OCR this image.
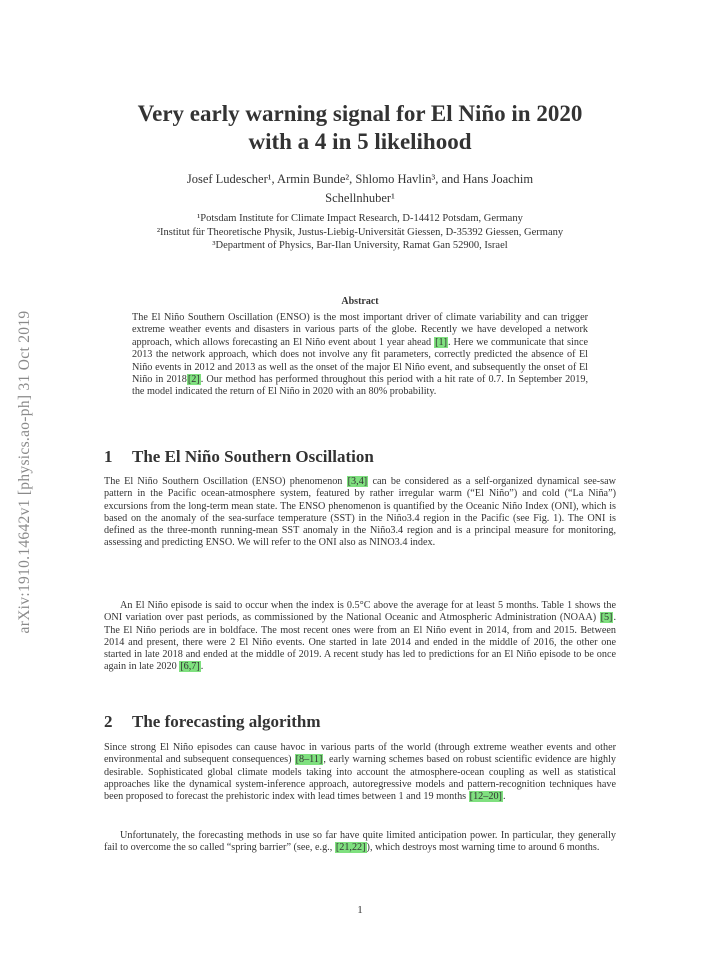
arXiv:1910.14642v1 [physics.ao-ph] 31 Oct 2019
Very early warning signal for El Niño in 2020
with a 4 in 5 likelihood
Josef Ludescher¹, Armin Bunde², Shlomo Havlin³, and Hans Joachim
Schellnhuber¹
¹Potsdam Institute for Climate Impact Research, D-14412 Potsdam, Germany
²Institut für Theoretische Physik, Justus-Liebig-Universität Giessen, D-35392 Giessen, Germany
³Department of Physics, Bar-Ilan University, Ramat Gan 52900, Israel
Abstract
The El Niño Southern Oscillation (ENSO) is the most important driver of climate variability and can trigger extreme weather events and disasters in various parts of the globe. Recently we have developed a network approach, which allows forecasting an El Niño event about 1 year ahead [1]. Here we communicate that since 2013 the network approach, which does not involve any fit parameters, correctly predicted the absence of El Niño events in 2012 and 2013 as well as the onset of the major El Niño event, and subsequently the onset of El Niño in 2018[2]. Our method has performed throughout this period with a hit rate of 0.7. In September 2019, the model indicated the return of El Niño in 2020 with an 80% probability.
1 The El Niño Southern Oscillation
The El Niño Southern Oscillation (ENSO) phenomenon [3,4] can be considered as a self-organized dynamical see-saw pattern in the Pacific ocean-atmosphere system, featured by rather irregular warm (“El Niño”) and cold (“La Niña”) excursions from the long-term mean state. The ENSO phenomenon is quantified by the Oceanic Niño Index (ONI), which is based on the anomaly of the sea-surface temperature (SST) in the Niño3.4 region in the Pacific (see Fig. 1). The ONI is defined as the three-month running-mean SST anomaly in the Niño3.4 region and is a principal measure for monitoring, assessing and predicting ENSO. We will refer to the ONI also as NINO3.4 index.
An El Niño episode is said to occur when the index is 0.5°C above the average for at least 5 months. Table 1 shows the ONI variation over past periods, as commissioned by the National Oceanic and Atmospheric Administration (NOAA) [5]. The El Niño periods are in boldface. The most recent ones were from an El Niño event in 2014, from and 2015. Between 2014 and present, there were 2 El Niño events. One started in late 2014 and ended in the middle of 2016, the other one started in late 2018 and ended at the middle of 2019. A recent study has led to predictions for an El Niño episode to be once again in late 2020 [6,7].
2 The forecasting algorithm
Since strong El Niño episodes can cause havoc in various parts of the world (through extreme weather events and other environmental and subsequent consequences) [8–11], early warning schemes based on robust scientific evidence are highly desirable. Sophisticated global climate models taking into account the atmosphere-ocean coupling as well as statistical approaches like the dynamical system-inference approach, autoregressive models and pattern-recognition techniques have been proposed to forecast the prehistoric index with lead times between 1 and 19 months [12–20].
Unfortunately, the forecasting methods in use so far have quite limited anticipation power. In particular, they generally fail to overcome the so called “spring barrier” (see, e.g., [21,22]), which destroys most warning time to around 6 months.
1
